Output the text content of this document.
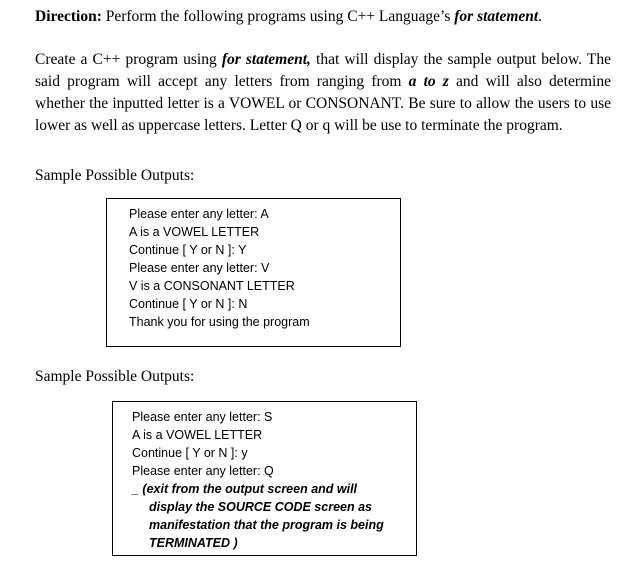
Direction: Perform the following programs using C++ Language’s for statement.
Create a C++ program using for statement, that will display the sample output below. The said program will accept any letters from ranging from a to z and will also determine whether the inputted letter is a VOWEL or CONSONANT. Be sure to allow the users to use lower as well as uppercase letters. Letter Q or q will be use to terminate the program.
Sample Possible Outputs:
Please enter any letter: A
A is a VOWEL LETTER
Continue [ Y or N ]: Y
Please enter any letter: V
V is a CONSONANT LETTER
Continue [ Y or N ]: N
Thank you for using the program
Sample Possible Outputs:
Please enter any letter: S
A is a VOWEL LETTER
Continue [ Y or N ]: y
Please enter any letter: Q
_ (exit from the output screen and will
display the SOURCE CODE screen as manifestation that the program is being TERMINATED )
